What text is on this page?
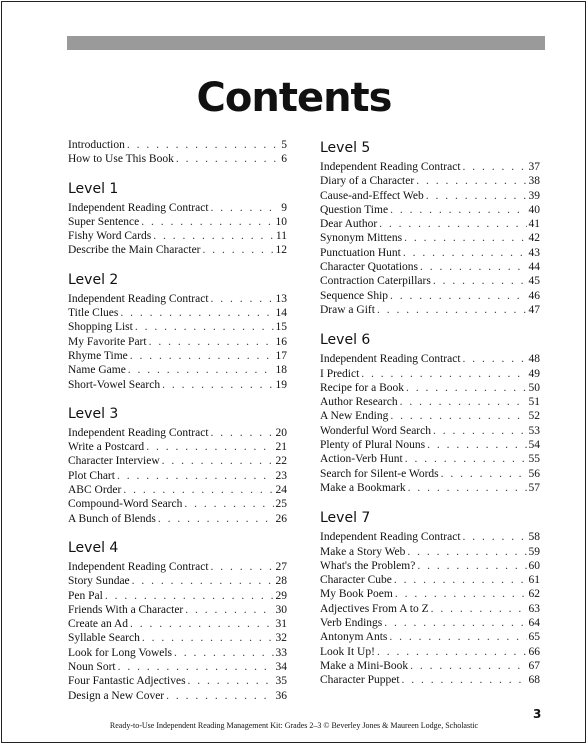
Contents
Introduction . . .	5
How to Use This Book . . .	6
Level 1
Independent Reading Contract . . .	9
Super Sentence . . .	10
Fishy Word Cards . . .	11
Describe the Main Character . . .	12
Level 2
Independent Reading Contract . . .	13
Title Clues . . .	14
Shopping List . . .	15
My Favorite Part . . .	16
Rhyme Time . . .	17
Name Game . . .	18
Short-Vowel Search . . .	19
Level 3
Independent Reading Contract . . .	20
Write a Postcard . . .	21
Character Interview . . .	22
Plot Chart . . .	23
ABC Order . . .	24
Compound-Word Search . . .	25
A Bunch of Blends . . .	26
Level 4
Independent Reading Contract . . .	27
Story Sundae . . .	28
Pen Pal . . .	29
Friends With a Character . . .	30
Create an Ad . . .	31
Syllable Search . . .	32
Look for Long Vowels . . .	33
Noun Sort . . .	34
Four Fantastic Adjectives . . .	35
Design a New Cover . . .	36
Level 5
Independent Reading Contract . . .	37
Diary of a Character . . .	38
Cause-and-Effect Web . . .	39
Question Time . . .	40
Dear Author . . .	41
Synonym Mittens . . .	42
Punctuation Hunt . . .	43
Character Quotations . . .	44
Contraction Caterpillars . . .	45
Sequence Ship . . .	46
Draw a Gift . . .	47
Level 6
Independent Reading Contract . . .	48
I Predict . . .	49
Recipe for a Book . . .	50
Author Research . . .	51
A New Ending . . .	52
Wonderful Word Search . . .	53
Plenty of Plural Nouns . . .	54
Action-Verb Hunt . . .	55
Search for Silent-e Words . . .	56
Make a Bookmark . . .	57
Level 7
Independent Reading Contract . . .	58
Make a Story Web . . .	59
What's the Problem? . . .	60
Character Cube . . .	61
My Book Poem . . .	62
Adjectives From A to Z . . .	63
Verb Endings . . .	64
Antonym Ants . . .	65
Look It Up! . . .	66
Make a Mini-Book . . .	67
Character Puppet . . .	68
Ready-to-Use Independent Reading Management Kit: Grades 2–3 © Beverley Jones & Maureen Lodge, Scholastic
3
